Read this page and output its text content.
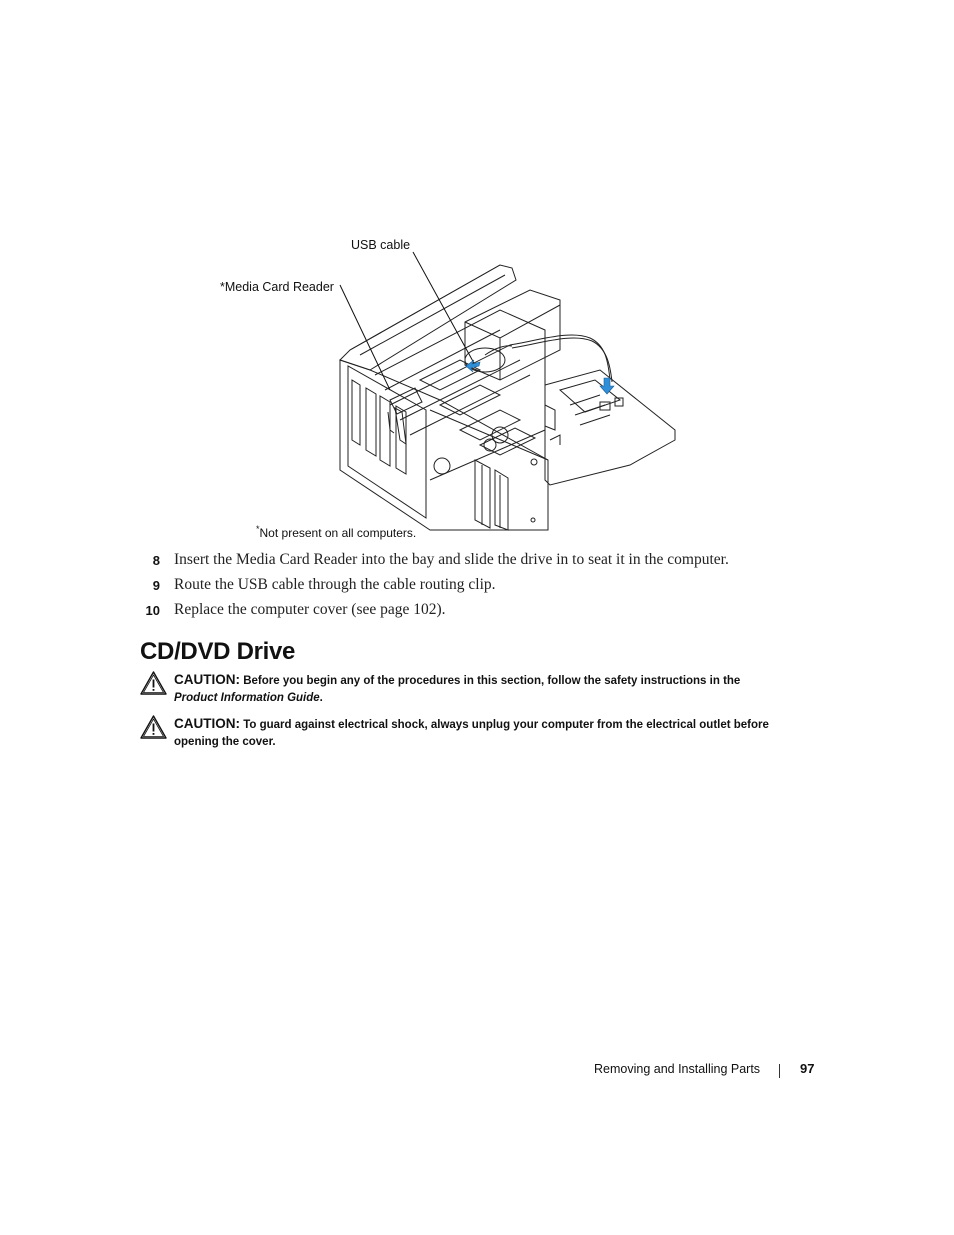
USB cable
*Media Card Reader
*Not present on all computers.
8 Insert the Media Card Reader into the bay and slide the drive in to seat it in the computer.
9 Route the USB cable through the cable routing clip.
10 Replace the computer cover (see page 102).
CD/DVD Drive
CAUTION: Before you begin any of the procedures in this section, follow the safety instructions in the Product Information Guide.
CAUTION: To guard against electrical shock, always unplug your computer from the electrical outlet before opening the cover.
Removing and Installing Parts	97
